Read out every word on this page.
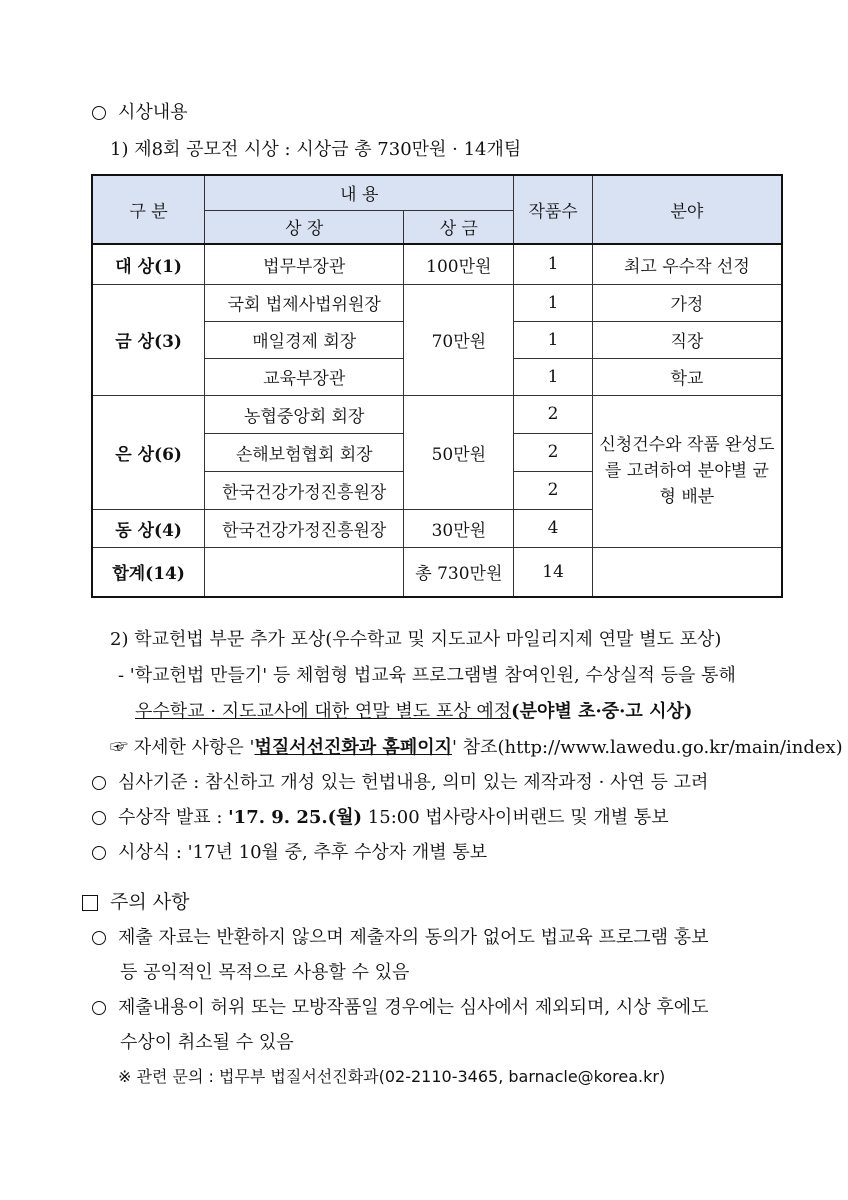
시상내용
1) 제8회 공모전 시상 : 시상금 총 730만원 · 14개팀
구 분	내 용		작품수	분야
	상 장	상 금		
대 상(1)	법무부장관	100만원	1	최고 우수작 선정
금 상(3)	국회 법제사법위원장	70만원	1	가정
	매일경제 회장		1	직장
	교육부장관		1	학교
은 상(6)	농협중앙회 회장	50만원	2	신청건수와 작품 완성도를 고려하여 분야별 균형 배분
	손해보험협회 회장		2	
	한국건강가정진흥원장		2	
동 상(4)	한국건강가정진흥원장	30만원	4	
합계(14)		총 730만원	14	
2) 학교헌법 부문 추가 포상(우수학교 및 지도교사 마일리지제 연말 별도 포상)
- '학교헌법 만들기' 등 체험형 법교육 프로그램별 참여인원, 수상실적 등을 통해
우수학교 · 지도교사에 대한 연말 별도 포상 예정(분야별 초·중·고 시상)
☞ 자세한 사항은 '법질서선진화과 홈페이지' 참조(http://www.lawedu.go.kr/main/index)
심사기준 : 참신하고 개성 있는 헌법내용, 의미 있는 제작과정 · 사연 등 고려
수상작 발표 : '17. 9. 25.(월) 15:00 법사랑사이버랜드 및 개별 통보
시상식 : '17년 10월 중, 추후 수상자 개별 통보
주의 사항
제출 자료는 반환하지 않으며 제출자의 동의가 없어도 법교육 프로그램 홍보
등 공익적인 목적으로 사용할 수 있음
제출내용이 허위 또는 모방작품일 경우에는 심사에서 제외되며, 시상 후에도
수상이 취소될 수 있음
※ 관련 문의 : 법무부 법질서선진화과(02-2110-3465, barnacle@korea.kr)
